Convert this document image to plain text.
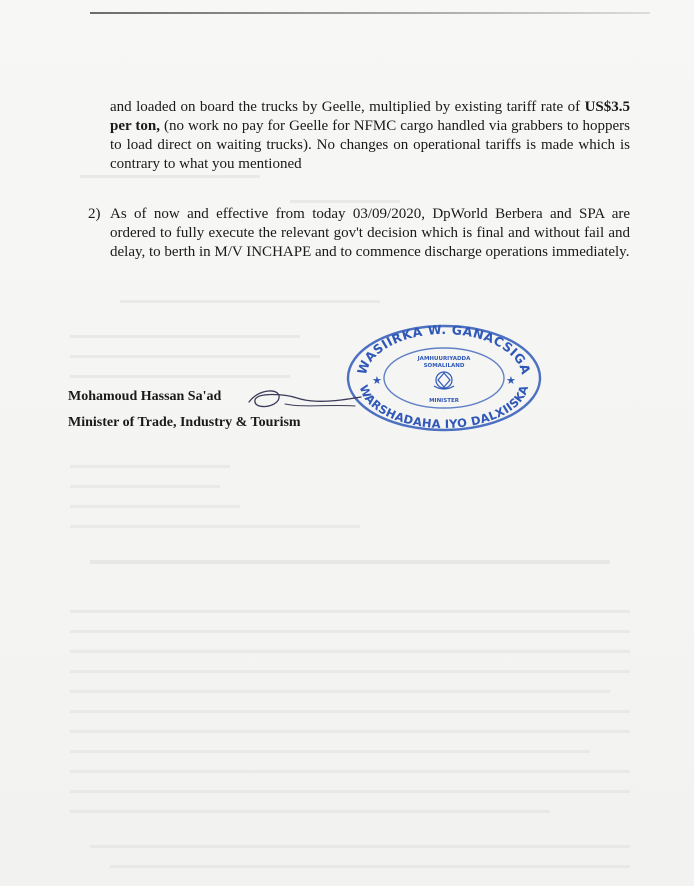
and loaded on board the trucks by Geelle, multiplied by existing tariff rate of US$3.5 per ton, (no work no pay for Geelle for NFMC cargo handled via grabbers to hoppers to load direct on waiting trucks). No changes on operational tariffs is made which is contrary to what you mentioned

2) As of now and effective from today 03/09/2020, DpWorld Berbera and SPA are ordered to fully execute the relevant gov't decision which is final and without fail and delay, to berth in M/V INCHAPE and to commence discharge operations immediately.
WASIIRKA W. GANACSIGA
WARSHADAHA IYO DALXIISKA
★	★
JAMHUURIYADDA
SOMALILAND
MINISTER
Mohamoud Hassan Sa'ad
Minister of Trade, Industry & Tourism
